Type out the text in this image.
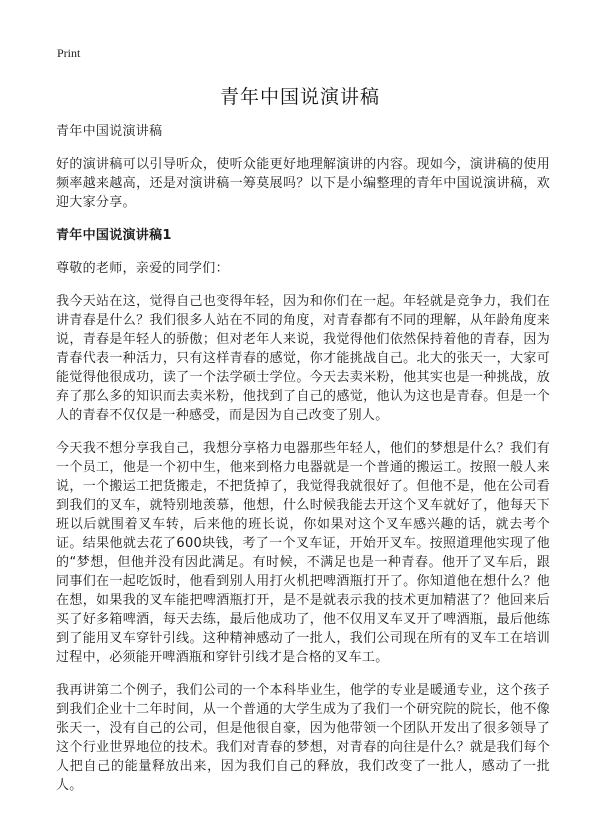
Print
青年中国说演讲稿

青年中国说演讲稿

好的演讲稿可以引导听众，使听众能更好地理解演讲的内容。现如今，演讲稿的使用频率越来越高，还是对演讲稿一筹莫展吗？以下是小编整理的青年中国说演讲稿，欢迎大家分享。

青年中国说演讲稿1

尊敬的老师，亲爱的同学们：

我今天站在这，觉得自己也变得年轻，因为和你们在一起。年轻就是竞争力，我们在讲青春是什么？我们很多人站在不同的角度，对青春都有不同的理解，从年龄角度来说，青春是年轻人的骄傲；但对老年人来说，我觉得他们依然保持着他的青春，因为青春代表一种活力，只有这样青春的感觉，你才能挑战自己。北大的张天一，大家可能觉得他很成功，读了一个法学硕士学位。今天去卖米粉，他其实也是一种挑战，放弃了那么多的知识而去卖米粉，他找到了自己的感觉，他认为这也是青春。但是一个人的青春不仅仅是一种感受，而是因为自己改变了别人。

今天我不想分享我自己，我想分享格力电器那些年轻人，他们的梦想是什么？我们有一个员工，他是一个初中生，他来到格力电器就是一个普通的搬运工。按照一般人来说，一个搬运工把货搬走，不把货掉了，我觉得我就很好了。但他不是，他在公司看到我们的叉车，就特别地羡慕，他想，什么时候我能去开这个叉车就好了，他每天下班以后就围着叉车转，后来他的班长说，你如果对这个叉车感兴趣的话，就去考个证。结果他就去花了600块钱，考了一个叉车证，开始开叉车。按照道理他实现了他的“梦想，但他并没有因此满足。有时候，不满足也是一种青春。他开了叉车后，跟同事们在一起吃饭时，他看到别人用打火机把啤酒瓶打开了。你知道他在想什么？他在想，如果我的叉车能把啤酒瓶打开，是不是就表示我的技术更加精湛了？他回来后买了好多箱啤酒，每天去练，最后他成功了，他不仅用叉车叉开了啤酒瓶，最后他练到了能用叉车穿针引线。这种精神感动了一批人，我们公司现在所有的叉车工在培训过程中，必须能开啤酒瓶和穿针引线才是合格的叉车工。

我再讲第二个例子，我们公司的一个本科毕业生，他学的专业是暖通专业，这个孩子到我们企业十二年时间，从一个普通的大学生成为了我们一个研究院的院长，他不像张天一，没有自己的公司，但是他很自豪，因为他带领一个团队开发出了很多领导了这个行业世界地位的技术。我们对青春的梦想，对青春的向往是什么？就是我们每个人把自己的能量释放出来，因为我们自己的释放，我们改变了一批人，感动了一批人。
